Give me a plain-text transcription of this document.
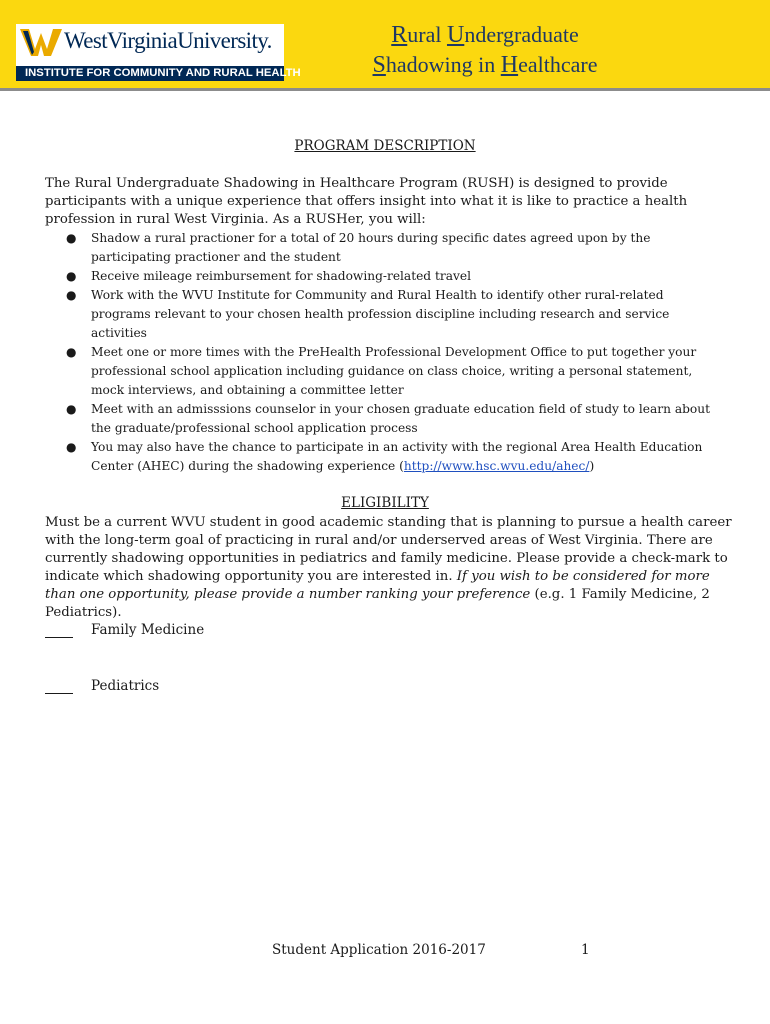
WestVirginiaUniversity.
INSTITUTE FOR COMMUNITY AND RURAL HEALTH
Rural Undergraduate
Shadowing in Healthcare
PROGRAM DESCRIPTION
The Rural Undergraduate Shadowing in Healthcare Program (RUSH) is designed to provide participants with a unique experience that offers insight into what it is like to practice a health profession in rural West Virginia. As a RUSHer, you will:
● Shadow a rural practioner for a total of 20 hours during specific dates agreed upon by the participating practioner and the student
● Receive mileage reimbursement for shadowing-related travel
● Work with the WVU Institute for Community and Rural Health to identify other rural-related programs relevant to your chosen health profession discipline including research and service activities
● Meet one or more times with the PreHealth Professional Development Office to put together your professional school application including guidance on class choice, writing a personal statement, mock interviews, and obtaining a committee letter
● Meet with an admisssions counselor in your chosen graduate education field of study to learn about the graduate/professional school application process
● You may also have the chance to participate in an activity with the regional Area Health Education Center (AHEC) during the shadowing experience (http://www.hsc.wvu.edu/ahec/)
ELIGIBILITY
Must be a current WVU student in good academic standing that is planning to pursue a health career with the long-term goal of practicing in rural and/or underserved areas of West Virginia. There are currently shadowing opportunities in pediatrics and family medicine. Please provide a check-mark to indicate which shadowing opportunity you are interested in. If you wish to be considered for more than one opportunity, please provide a number ranking your preference (e.g. 1 Family Medicine, 2 Pediatrics).
Family Medicine
Pediatrics
Student Application 2016-2017	1
